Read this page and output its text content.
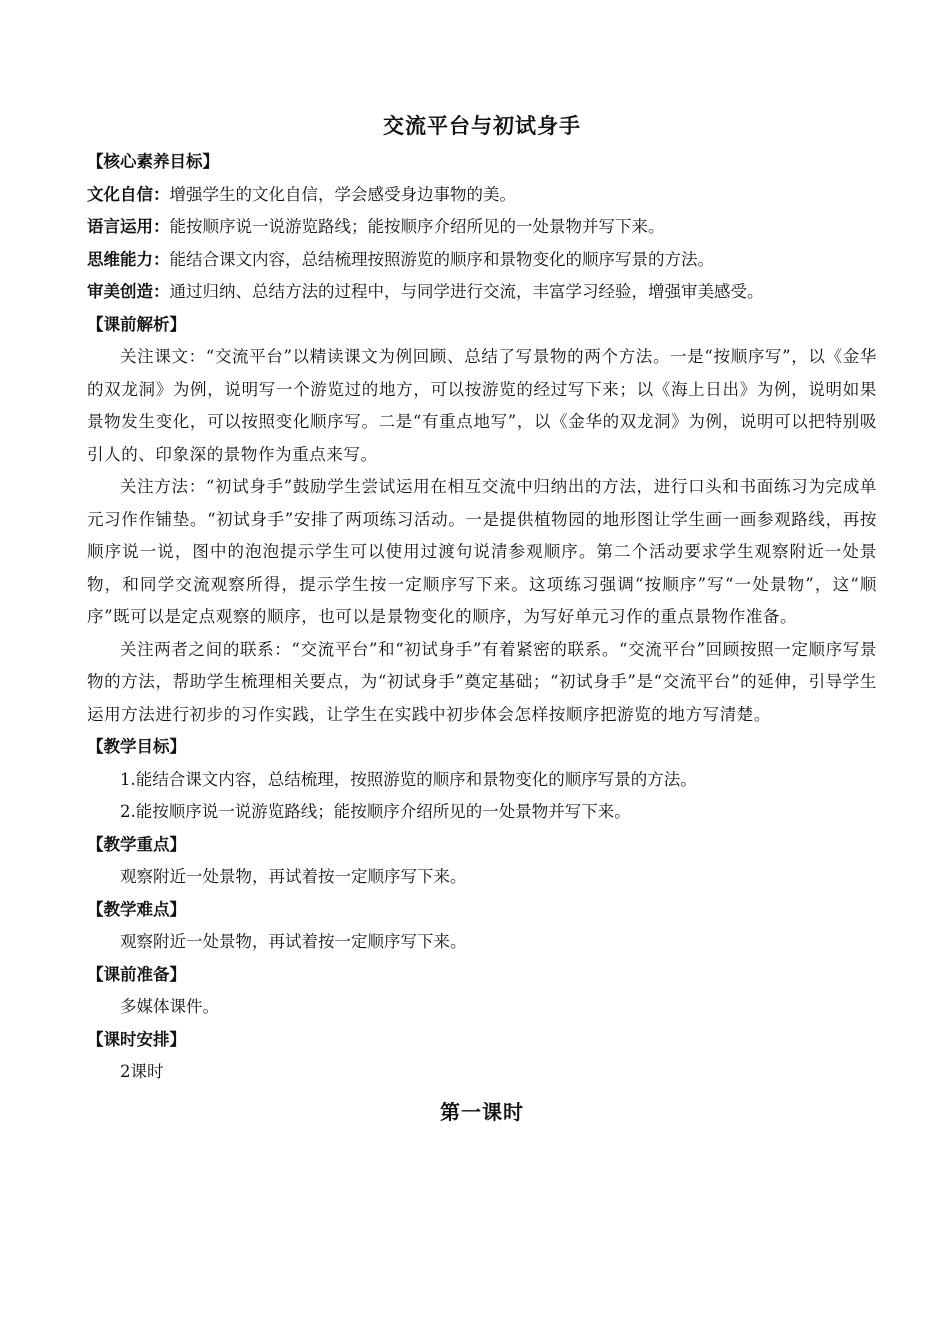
交流平台与初试身手
【核心素养目标】
文化自信：增强学生的文化自信，学会感受身边事物的美。
语言运用：能按顺序说一说游览路线；能按顺序介绍所见的一处景物并写下来。
思维能力：能结合课文内容，总结梳理按照游览的顺序和景物变化的顺序写景的方法。
审美创造：通过归纳、总结方法的过程中，与同学进行交流，丰富学习经验，增强审美感受。
【课前解析】

关注课文：“交流平台”以精读课文为例回顾、总结了写景物的两个方法。一是“按顺序写”，以《金华的双龙洞》为例，说明写一个游览过的地方，可以按游览的经过写下来；以《海上日出》为例，说明如果景物发生变化，可以按照变化顺序写。二是“有重点地写”，以《金华的双龙洞》为例，说明可以把特别吸引人的、印象深的景物作为重点来写。

关注方法：“初试身手”鼓励学生尝试运用在相互交流中归纳出的方法，进行口头和书面练习为完成单元习作作铺垫。“初试身手”安排了两项练习活动。一是提供植物园的地形图让学生画一画参观路线，再按顺序说一说，图中的泡泡提示学生可以使用过渡句说清参观顺序。第二个活动要求学生观察附近一处景物，和同学交流观察所得，提示学生按一定顺序写下来。这项练习强调“按顺序”写“一处景物”，这“顺序”既可以是定点观察的顺序，也可以是景物变化的顺序，为写好单元习作的重点景物作准备。

关注两者之间的联系：“交流平台”和“初试身手”有着紧密的联系。“交流平台”回顾按照一定顺序写景物的方法，帮助学生梳理相关要点，为“初试身手”奠定基础；“初试身手”是“交流平台”的延伸，引导学生运用方法进行初步的习作实践，让学生在实践中初步体会怎样按顺序把游览的地方写清楚。

【教学目标】
1.能结合课文内容，总结梳理，按照游览的顺序和景物变化的顺序写景的方法。
2.能按顺序说一说游览路线；能按顺序介绍所见的一处景物并写下来。
【教学重点】
观察附近一处景物，再试着按一定顺序写下来。
【教学难点】
观察附近一处景物，再试着按一定顺序写下来。
【课前准备】
多媒体课件。
【课时安排】
2课时
第一课时
